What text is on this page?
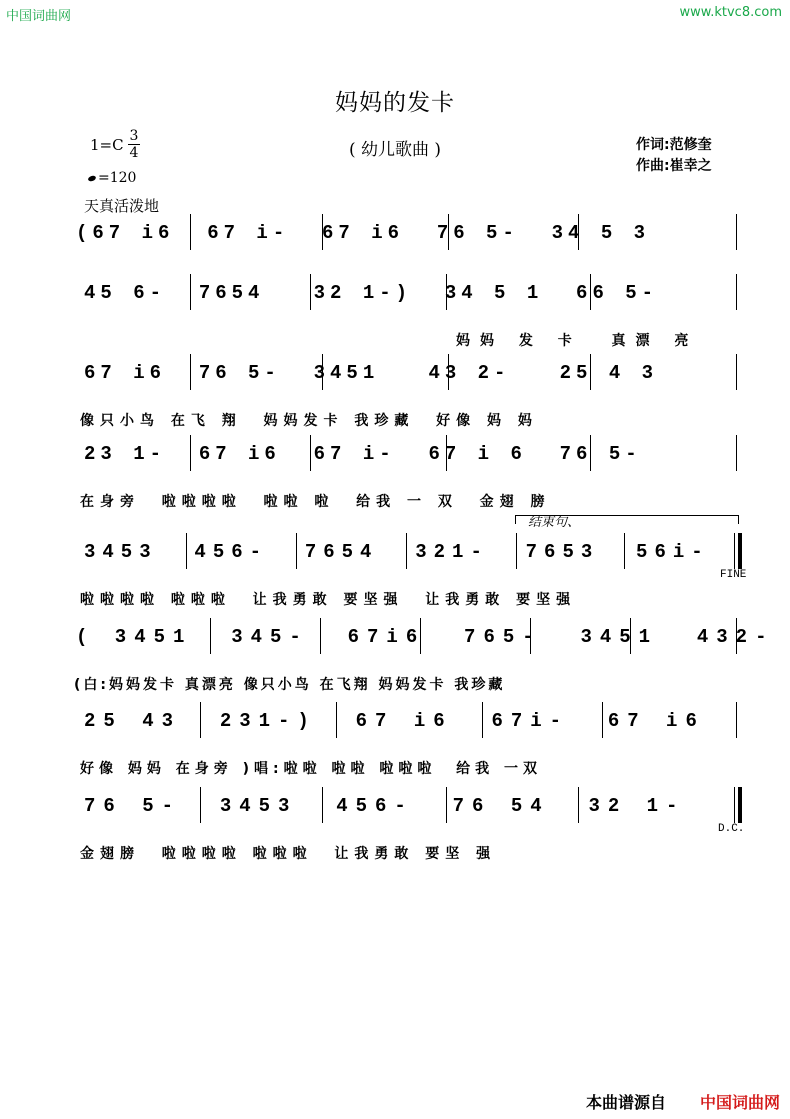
中国词曲网	www.ktvc8.com
妈妈的发卡
( 幼儿歌曲 )	作词:范修奎
作曲:崔幸之
1=C 3
4
=120
天真活泼地
(67 i6  67 i-  67 i6  76 5-  34 5 3
45 6-  7654   32 1-)  34 5 1  66 5-
妈妈 发 卡  真漂 亮
67 i6  76 5-  3451   43 2-   25 4 3
像只小鸟 在飞 翔  妈妈发卡 我珍藏  好像 妈 妈
23 1-  67 i6  67 i-  67 i 6  76 5-
在身旁  啦啦啦啦  啦啦 啦  给我 一 双  金翅 膀
结束句、
3453  456-  7654  321-  7653  56i-
FINE
啦啦啦啦 啦啦啦  让我勇敢 要坚强  让我勇敢 要坚强
( 3451  345-  67i6  765-  3451  432-
(白:妈妈发卡 真漂亮 像只小鸟 在飞翔 妈妈发卡 我珍藏
25 43  231-)  67 i6  67i-  67 i6
好像 妈妈 在身旁 )唱:啦啦 啦啦 啦啦啦  给我 一双
76 5-  3453  456-  76 54  32 1-
D.C.
金翅膀  啦啦啦啦 啦啦啦  让我勇敢 要坚 强
本曲谱源自 中国词曲网
